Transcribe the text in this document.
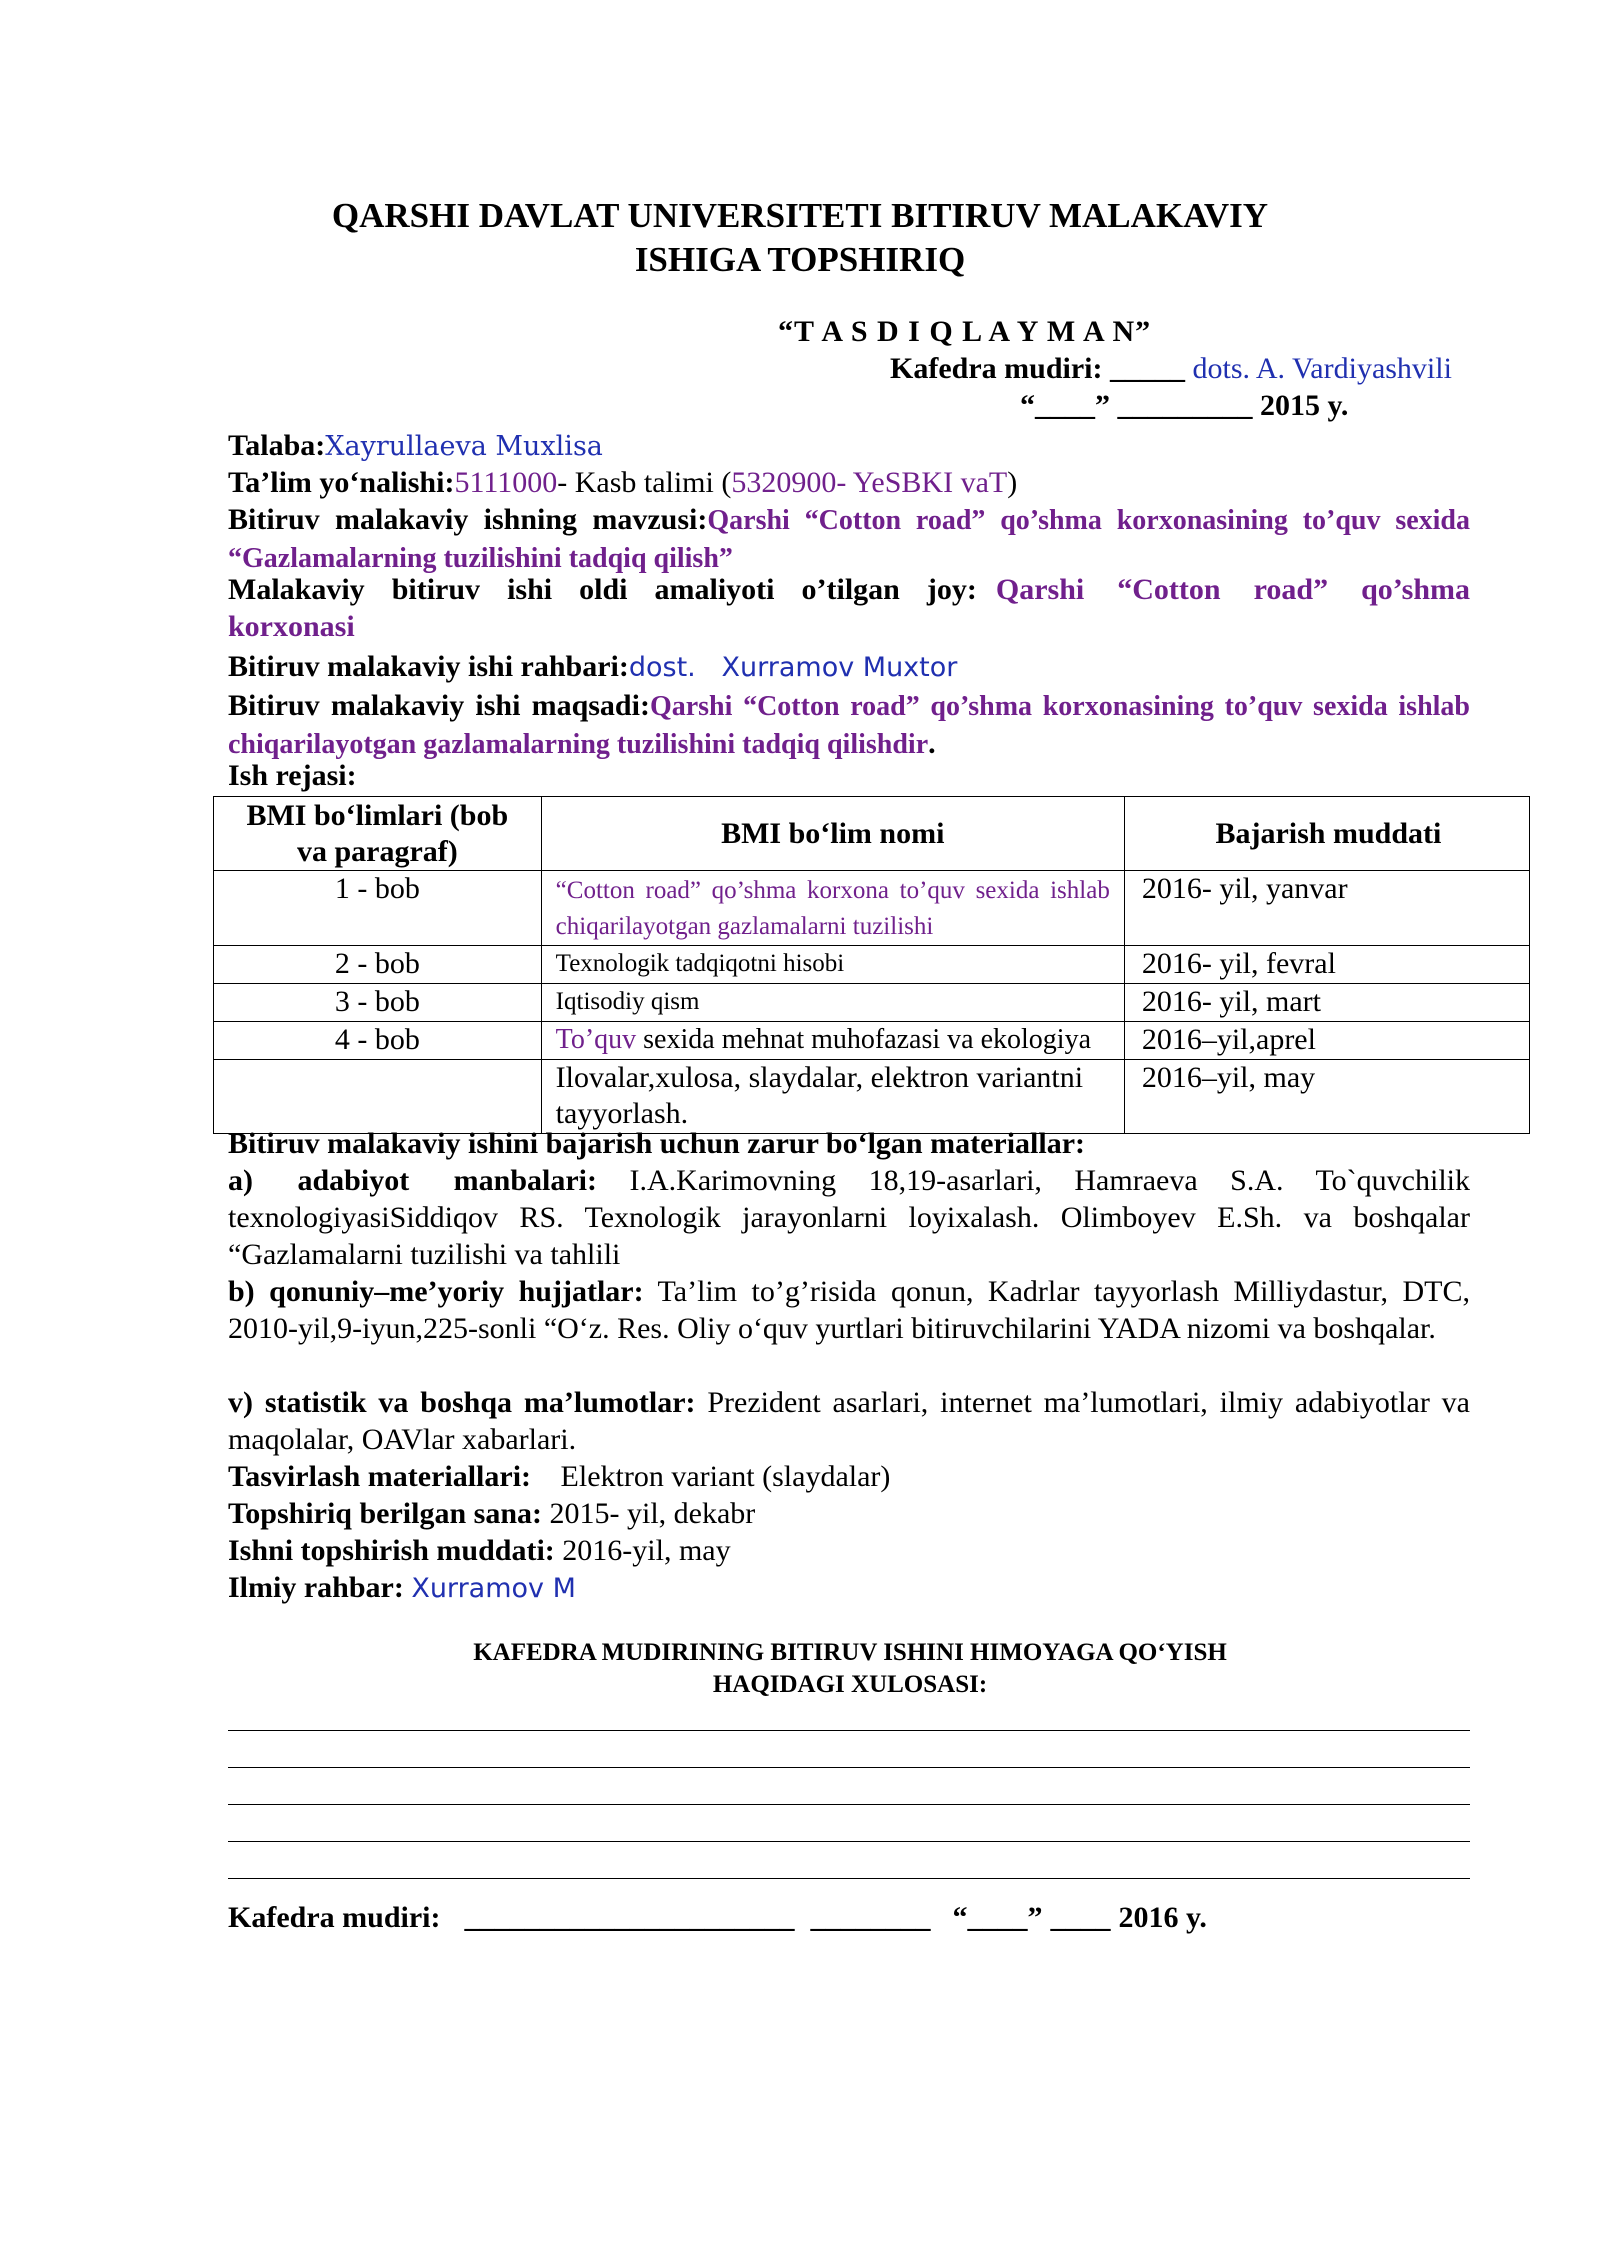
QARSHI DAVLAT UNIVERSITETI BITIRUV MALAKAVIY
ISHIGA TOPSHIRIQ
“T A S D I Q L A Y M A N”
Kafedra mudiri: _____ dots. A. Vardiyashvili
“____” _________ 2015 y.
Talaba:Xayrullaeva Muxlisa
Ta’lim yo‘nalishi:5111000- Kasb talimi (5320900- YeSBKI vaT)
Bitiruv malakaviy ishning mavzusi:Qarshi “Cotton road” qo’shma korxonasining to’quv sexida “Gazlamalarning tuzilishini tadqiq qilish”
Malakaviy bitiruv ishi oldi amaliyoti o’tilgan joy: Qarshi “Cotton road” qo’shma korxonasi
Bitiruv malakaviy ishi rahbari:dost.   Xurramov Muxtor
Bitiruv malakaviy ishi maqsadi:Qarshi “Cotton road” qo’shma korxonasining to’quv sexida ishlab chiqarilayotgan gazlamalarning tuzilishini tadqiq qilishdir.
Ish rejasi:
BMI bo‘limlari (bob va paragraf)	BMI bo‘lim nomi	Bajarish muddati
1 - bob	“Cotton road” qo’shma korxona to’quv sexida ishlab chiqarilayotgan gazlamalarni tuzilishi	2016- yil, yanvar
2 - bob	Texnologik tadqiqotni hisobi	2016- yil, fevral
3 - bob	Iqtisodiy qism	2016- yil, mart
4 - bob	To’quv sexida mehnat muhofazasi va ekologiya	2016–yil,aprel
	Ilovalar,xulosa, slaydalar, elektron variantni tayyorlash.	2016–yil, may
Bitiruv malakaviy ishini bajarish uchun zarur bo‘lgan materiallar:
a) adabiyot manbalari: I.A.Karimovning 18,19-asarlari, Hamraeva S.A. To`quvchilik texnologiyasiSiddiqov RS. Texnologik jarayonlarni loyixalash. Olimboyev E.Sh. va boshqalar “Gazlamalarni tuzilishi va tahlili
b) qonuniy–me’yoriy hujjatlar: Ta’lim to’g’risida qonun, Kadrlar tayyorlash Milliydastur, DTC, 2010-yil,9-iyun,225-sonli “O‘z. Res. Oliy o‘quv yurtlari bitiruvchilarini YADA nizomi va boshqalar.
v) statistik va boshqa ma’lumotlar: Prezident asarlari, internet ma’lumotlari, ilmiy adabiyotlar va maqolalar, OAVlar xabarlari.
Tasvirlash materiallari: Elektron variant (slaydalar)
Topshiriq berilgan sana: 2015- yil, dekabr
Ishni topshirish muddati: 2016-yil, may
Ilmiy rahbar: Xurramov M
KAFEDRA MUDIRINING BITIRUV ISHINI HIMOYAGA QO‘YISH
HAQIDAGI XULOSASI:
Kafedra mudiri: ______________________ ________ “____” ____ 2016 y.
